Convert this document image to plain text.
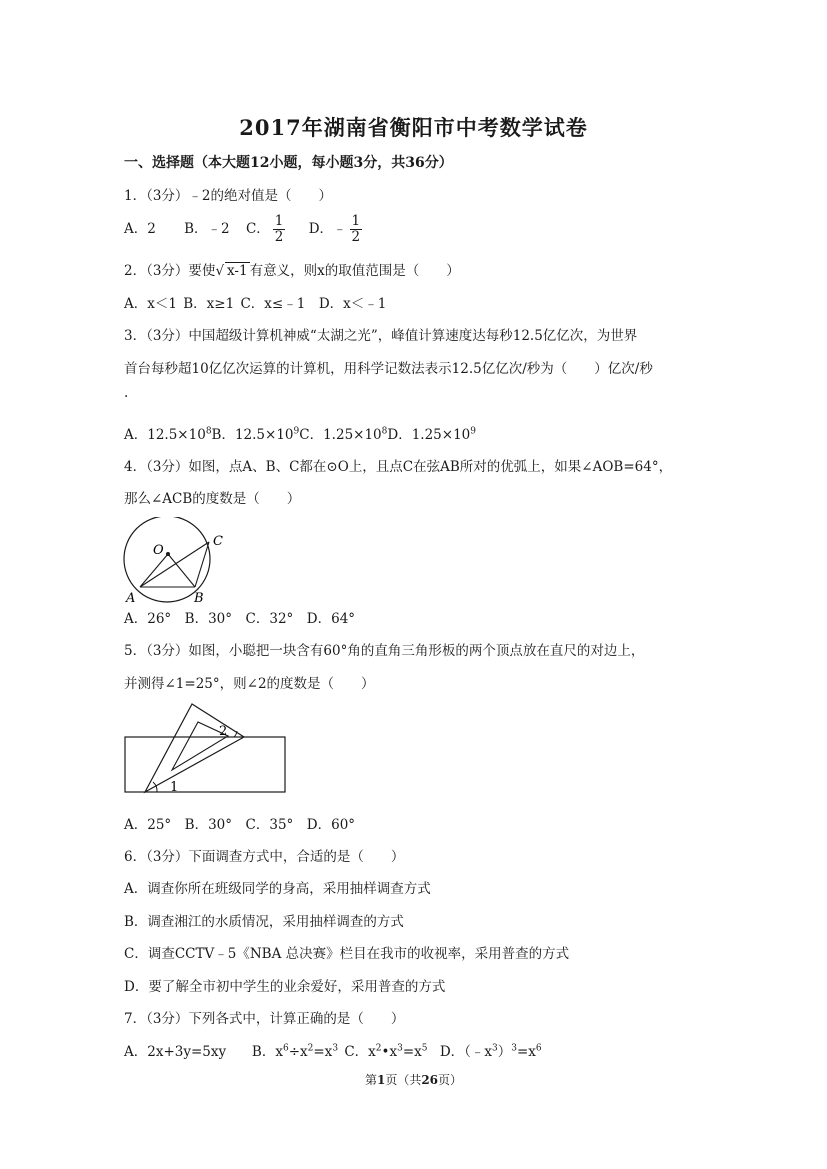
2017年湖南省衡阳市中考数学试卷
一、选择题（本大题12小题，每小题3分，共36分）
1．（3分）﹣2的绝对值是（　　）
A．2 B．﹣2 C． $\frac{1}{2}$ D．﹣ $\frac{1}{2}$
2．（3分）要使√ x-1 有意义，则x的取值范围是（　　）
A．x＜1 B．x≥1 C．x≤﹣1　D．x＜﹣1
3．（3分）中国超级计算机神威“太湖之光”，峰值计算速度达每秒12.5亿亿次，为世界
首台每秒超10亿亿次运算的计算机，用科学记数法表示12.5亿亿次/秒为（　　）亿次/秒
.
A．$12.5\times 10^8B$．$12.5\times 10^9C$．$1.25\times 10^8D$．$1.25\times 10^9$
4．（3分）如图，点A、B、C都在⊙O上，且点C在弦AB所对的优弧上，如果∠AOB=64°，
那么∠ACB的度数是（　　）
O
C
A	B
A．26°　B．30°　C．32°　D．64°
5．（3分）如图，小聪把一块含有60°角的直角三角形板的两个顶点放在直尺的对边上，
并测得∠1=25°，则∠2的度数是（　　）
1
2
A．25°　B．30°　C．35°　D．60°
6．（3分）下面调查方式中，合适的是（　　）
A．调查你所在班级同学的身高，采用抽样调查方式
B．调查湘江的水质情况，采用抽样调查的方式
C．调查CCTV﹣5《NBA 总决赛》栏目在我市的收视率，采用普查的方式
D．要了解全市初中学生的业余爱好，采用普查的方式
7．（3分）下列各式中，计算正确的是（　　）
A．2x+3y=5xy　 B．$x^6\div x^2=x^3$ C．$x^2•x^3=x^5$ D．$(﹣x^3)^3=x^6$
第1页（共26页）
